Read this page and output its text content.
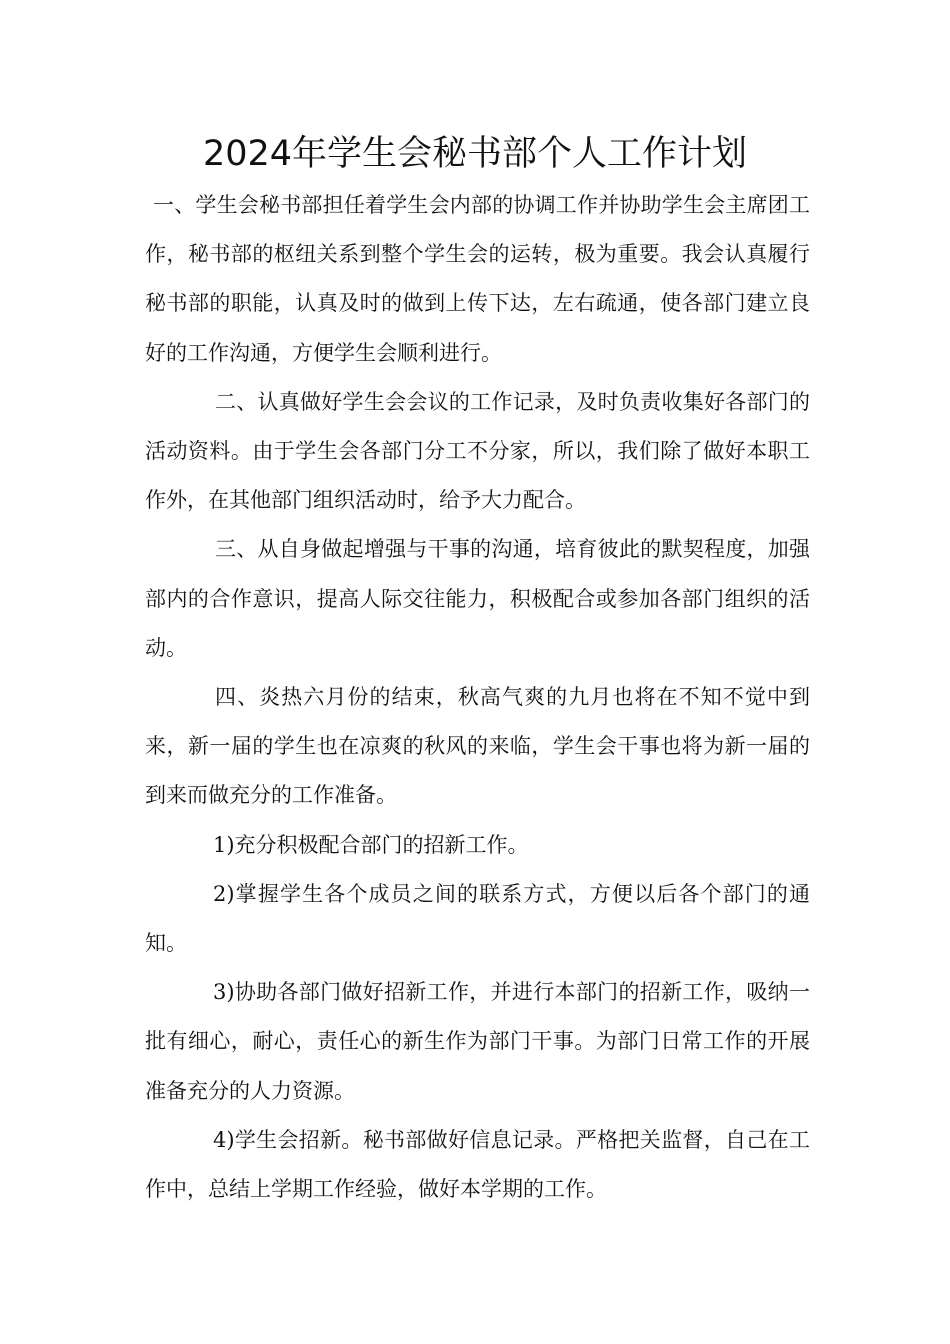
2024年学生会秘书部个人工作计划

一、学生会秘书部担任着学生会内部的协调工作并协助学生会主席团工作，秘书部的枢纽关系到整个学生会的运转，极为重要。我会认真履行秘书部的职能，认真及时的做到上传下达，左右疏通，使各部门建立良好的工作沟通，方便学生会顺利进行。

二、认真做好学生会会议的工作记录，及时负责收集好各部门的活动资料。由于学生会各部门分工不分家，所以，我们除了做好本职工作外，在其他部门组织活动时，给予大力配合。

三、从自身做起增强与干事的沟通，培育彼此的默契程度，加强部内的合作意识，提高人际交往能力，积极配合或参加各部门组织的活动。

四、炎热六月份的结束，秋高气爽的九月也将在不知不觉中到来，新一届的学生也在凉爽的秋风的来临，学生会干事也将为新一届的到来而做充分的工作准备。

1)充分积极配合部门的招新工作。

2)掌握学生各个成员之间的联系方式，方便以后各个部门的通知。

3)协助各部门做好招新工作，并进行本部门的招新工作，吸纳一批有细心，耐心，责任心的新生作为部门干事。为部门日常工作的开展准备充分的人力资源。

4)学生会招新。秘书部做好信息记录。严格把关监督，自己在工作中，总结上学期工作经验，做好本学期的工作。
